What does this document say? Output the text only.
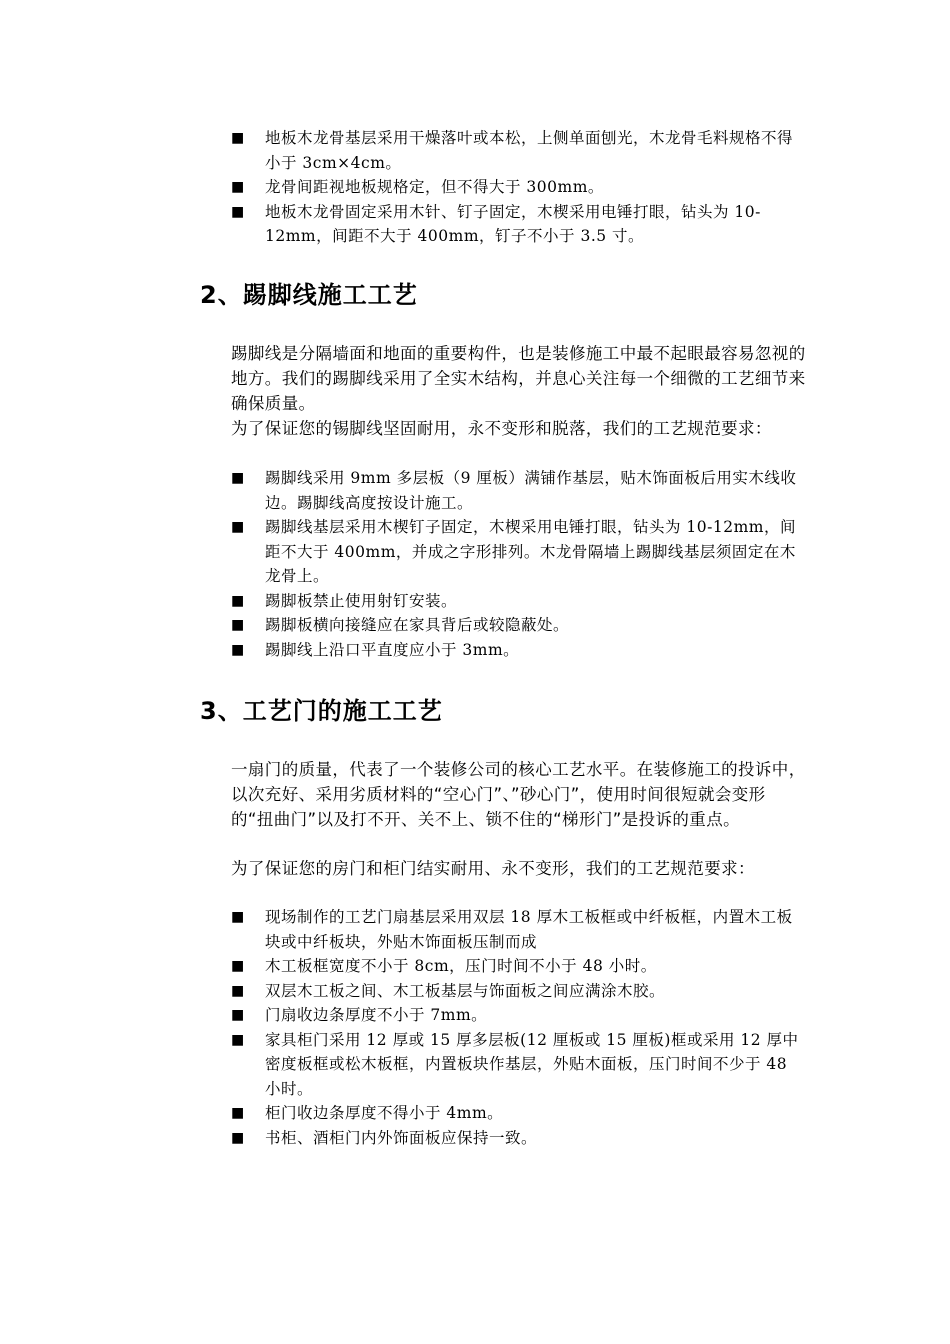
■ 地板木龙骨基层采用干燥落叶或本松，上侧单面刨光，木龙骨毛料规格不得小于 3cm×4cm。
■ 龙骨间距视地板规格定，但不得大于 300mm。
■ 地板木龙骨固定采用木针、钉子固定，木楔采用电锤打眼，钻头为 10-12mm，间距不大于 400mm，钉子不小于 3.5 寸。
2、踢脚线施工工艺

踢脚线是分隔墙面和地面的重要构件，也是装修施工中最不起眼最容易忽视的地方。我们的踢脚线采用了全实木结构，并息心关注每一个细微的工艺细节来确保质量。

为了保证您的锡脚线坚固耐用，永不变形和脱落，我们的工艺规范要求：

■ 踢脚线采用 9mm 多层板（9 厘板）满铺作基层，贴木饰面板后用实木线收边。踢脚线高度按设计施工。
■ 踢脚线基层采用木楔钉子固定，木楔采用电锤打眼，钻头为 10-12mm，间距不大于 400mm，并成之字形排列。木龙骨隔墙上踢脚线基层须固定在木龙骨上。
■ 踢脚板禁止使用射钉安装。
■ 踢脚板横向接缝应在家具背后或较隐蔽处。
■ 踢脚线上沿口平直度应小于 3mm。
3、工艺门的施工工艺

一扇门的质量，代表了一个装修公司的核心工艺水平。在装修施工的投诉中，以次充好、采用劣质材料的“空心门”、”砂心门”，使用时间很短就会变形的“扭曲门”以及打不开、关不上、锁不住的“梯形门”是投诉的重点。

为了保证您的房门和柜门结实耐用、永不变形，我们的工艺规范要求：

■ 现场制作的工艺门扇基层采用双层 18 厚木工板框或中纤板框，内置木工板块或中纤板块，外贴木饰面板压制而成
■ 木工板框宽度不小于 8cm，压门时间不小于 48 小时。
■ 双层木工板之间、木工板基层与饰面板之间应满涂木胶。
■ 门扇收边条厚度不小于 7mm。
■ 家具柜门采用 12 厚或 15 厚多层板(12 厘板或 15 厘板)框或采用 12 厚中密度板框或松木板框，内置板块作基层，外贴木面板，压门时间不少于 48 小时。
■ 柜门收边条厚度不得小于 4mm。
■ 书柜、酒柜门内外饰面板应保持一致。
